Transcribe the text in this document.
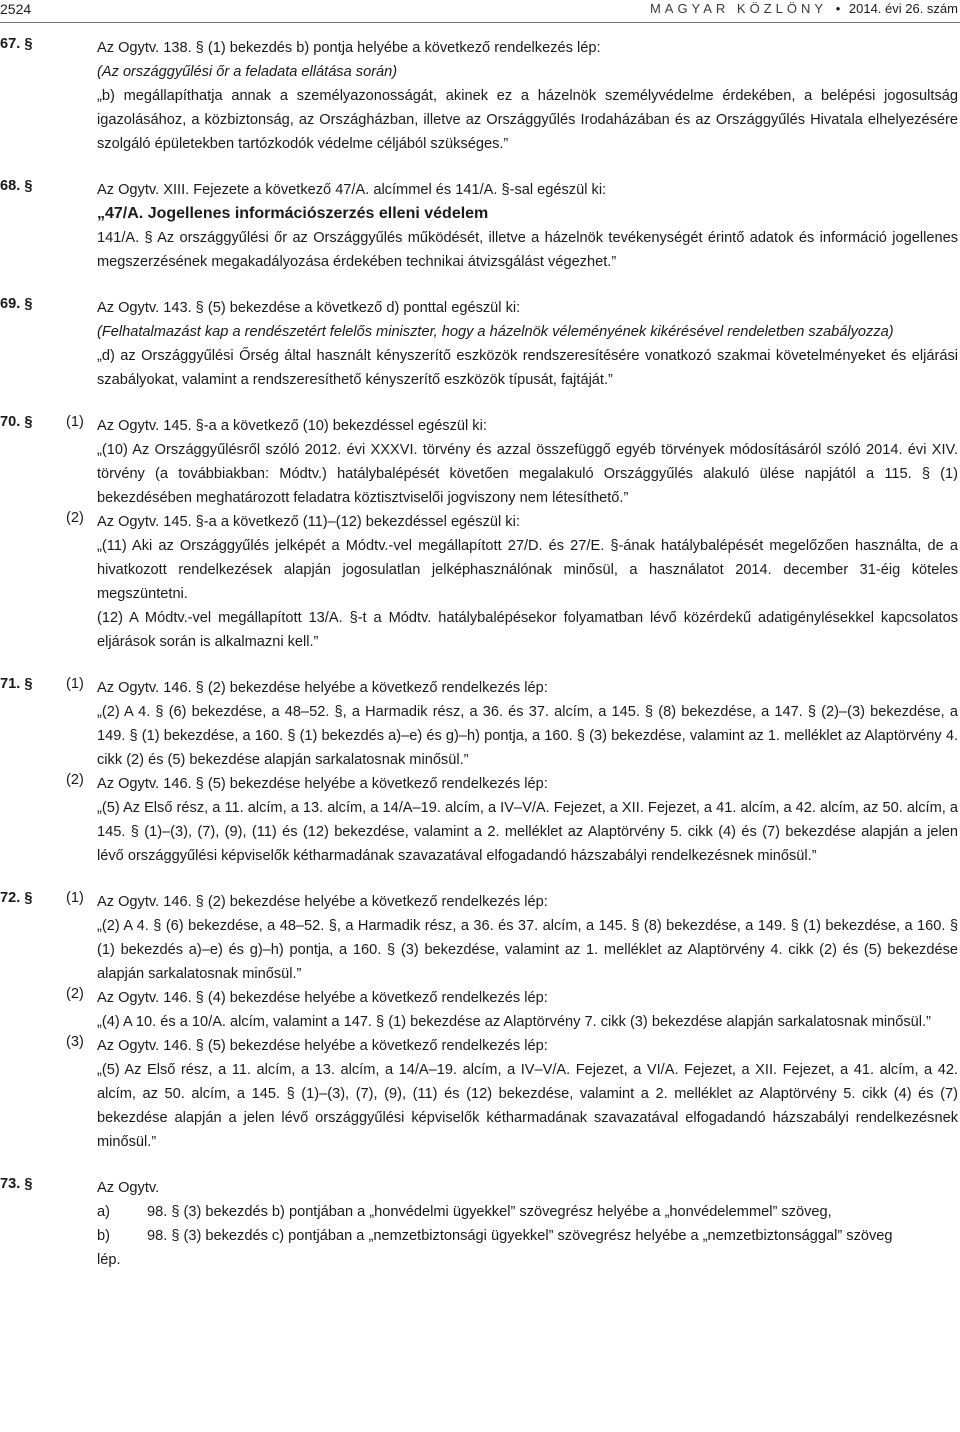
2524	MAGYAR KÖZLÖNY • 2014. évi 26. szám
67. §	Az Ogytv. 138. § (1) bekezdés b) pontja helyébe a következő rendelkezés lép:
(Az országgyűlési őr a feladata ellátása során)
„b) megállapíthatja annak a személyazonosságát, akinek ez a házelnök személyvédelme érdekében, a belépési jogosultság igazolásához, a közbiztonság, az Országházban, illetve az Országgyűlés Irodaházában és az Országgyűlés Hivatala elhelyezésére szolgáló épületekben tartózkodók védelme céljából szükséges.”
68. §	Az Ogytv. XIII. Fejezete a következő 47/A. alcímmel és 141/A. §-sal egészül ki:
„47/A. Jogellenes információszerzés elleni védelem
141/A. § Az országgyűlési őr az Országgyűlés működését, illetve a házelnök tevékenységét érintő adatok és információ jogellenes megszerzésének megakadályozása érdekében technikai átvizsgálást végezhet.”
69. §	Az Ogytv. 143. § (5) bekezdése a következő d) ponttal egészül ki:
(Felhatalmazást kap a rendészetért felelős miniszter, hogy a házelnök véleményének kikérésével rendeletben szabályozza)
„d) az Országgyűlési Őrség által használt kényszerítő eszközök rendszeresítésére vonatkozó szakmai követelményeket és eljárási szabályokat, valamint a rendszeresíthető kényszerítő eszközök típusát, fajtáját.”
70. §	(1) Az Ogytv. 145. §-a a következő (10) bekezdéssel egészül ki:
„(10) Az Országgyűlésről szóló 2012. évi XXXVI. törvény és azzal összefüggő egyéb törvények módosításáról szóló 2014. évi XIV. törvény (a továbbiakban: Módtv.) hatálybalépését követően megalakuló Országgyűlés alakuló ülése napjától a 115. § (1) bekezdésében meghatározott feladatra köztisztviselői jogviszony nem létesíthető.”
(2) Az Ogytv. 145. §-a a következő (11)–(12) bekezdéssel egészül ki:
„(11) Aki az Országgyűlés jelképét a Módtv.-vel megállapított 27/D. és 27/E. §-ának hatálybalépését megelőzően használta, de a hivatkozott rendelkezések alapján jogosulatlan jelképhasználónak minősül, a használatot 2014. december 31-éig köteles megszüntetni.
(12) A Módtv.-vel megállapított 13/A. §-t a Módtv. hatálybalépésekor folyamatban lévő közérdekű adatigénylésekkel kapcsolatos eljárások során is alkalmazni kell.”
71. §	(1) Az Ogytv. 146. § (2) bekezdése helyébe a következő rendelkezés lép:
„(2) A 4. § (6) bekezdése, a 48–52. §, a Harmadik rész, a 36. és 37. alcím, a 145. § (8) bekezdése, a 147. § (2)–(3) bekezdése, a 149. § (1) bekezdése, a 160. § (1) bekezdés a)–e) és g)–h) pontja, a 160. § (3) bekezdése, valamint az 1. melléklet az Alaptörvény 4. cikk (2) és (5) bekezdése alapján sarkalatosnak minősül.”
(2) Az Ogytv. 146. § (5) bekezdése helyébe a következő rendelkezés lép:
„(5) Az Első rész, a 11. alcím, a 13. alcím, a 14/A–19. alcím, a IV–V/A. Fejezet, a XII. Fejezet, a 41. alcím, a 42. alcím, az 50. alcím, a 145. § (1)–(3), (7), (9), (11) és (12) bekezdése, valamint a 2. melléklet az Alaptörvény 5. cikk (4) és (7) bekezdése alapján a jelen lévő országgyűlési képviselők kétharmadának szavazatával elfogadandó házszabályi rendelkezésnek minősül.”
72. §	(1) Az Ogytv. 146. § (2) bekezdése helyébe a következő rendelkezés lép:
„(2) A 4. § (6) bekezdése, a 48–52. §, a Harmadik rész, a 36. és 37. alcím, a 145. § (8) bekezdése, a 149. § (1) bekezdése, a 160. § (1) bekezdés a)–e) és g)–h) pontja, a 160. § (3) bekezdése, valamint az 1. melléklet az Alaptörvény 4. cikk (2) és (5) bekezdése alapján sarkalatosnak minősül.”
(2) Az Ogytv. 146. § (4) bekezdése helyébe a következő rendelkezés lép:
„(4) A 10. és a 10/A. alcím, valamint a 147. § (1) bekezdése az Alaptörvény 7. cikk (3) bekezdése alapján sarkalatosnak minősül.”
(3) Az Ogytv. 146. § (5) bekezdése helyébe a következő rendelkezés lép:
„(5) Az Első rész, a 11. alcím, a 13. alcím, a 14/A–19. alcím, a IV–V/A. Fejezet, a VI/A. Fejezet, a XII. Fejezet, a 41. alcím, a 42. alcím, az 50. alcím, a 145. § (1)–(3), (7), (9), (11) és (12) bekezdése, valamint a 2. melléklet az Alaptörvény 5. cikk (4) és (7) bekezdése alapján a jelen lévő országgyűlési képviselők kétharmadának szavazatával elfogadandó házszabályi rendelkezésnek minősül.”
73. §	Az Ogytv.
a)	98. § (3) bekezdés b) pontjában a „honvédelmi ügyekkel” szövegrész helyébe a „honvédelemmel” szöveg,
b)	98. § (3) bekezdés c) pontjában a „nemzetbiztonsági ügyekkel” szövegrész helyébe a „nemzetbiztonsággal” szöveg
lép.
